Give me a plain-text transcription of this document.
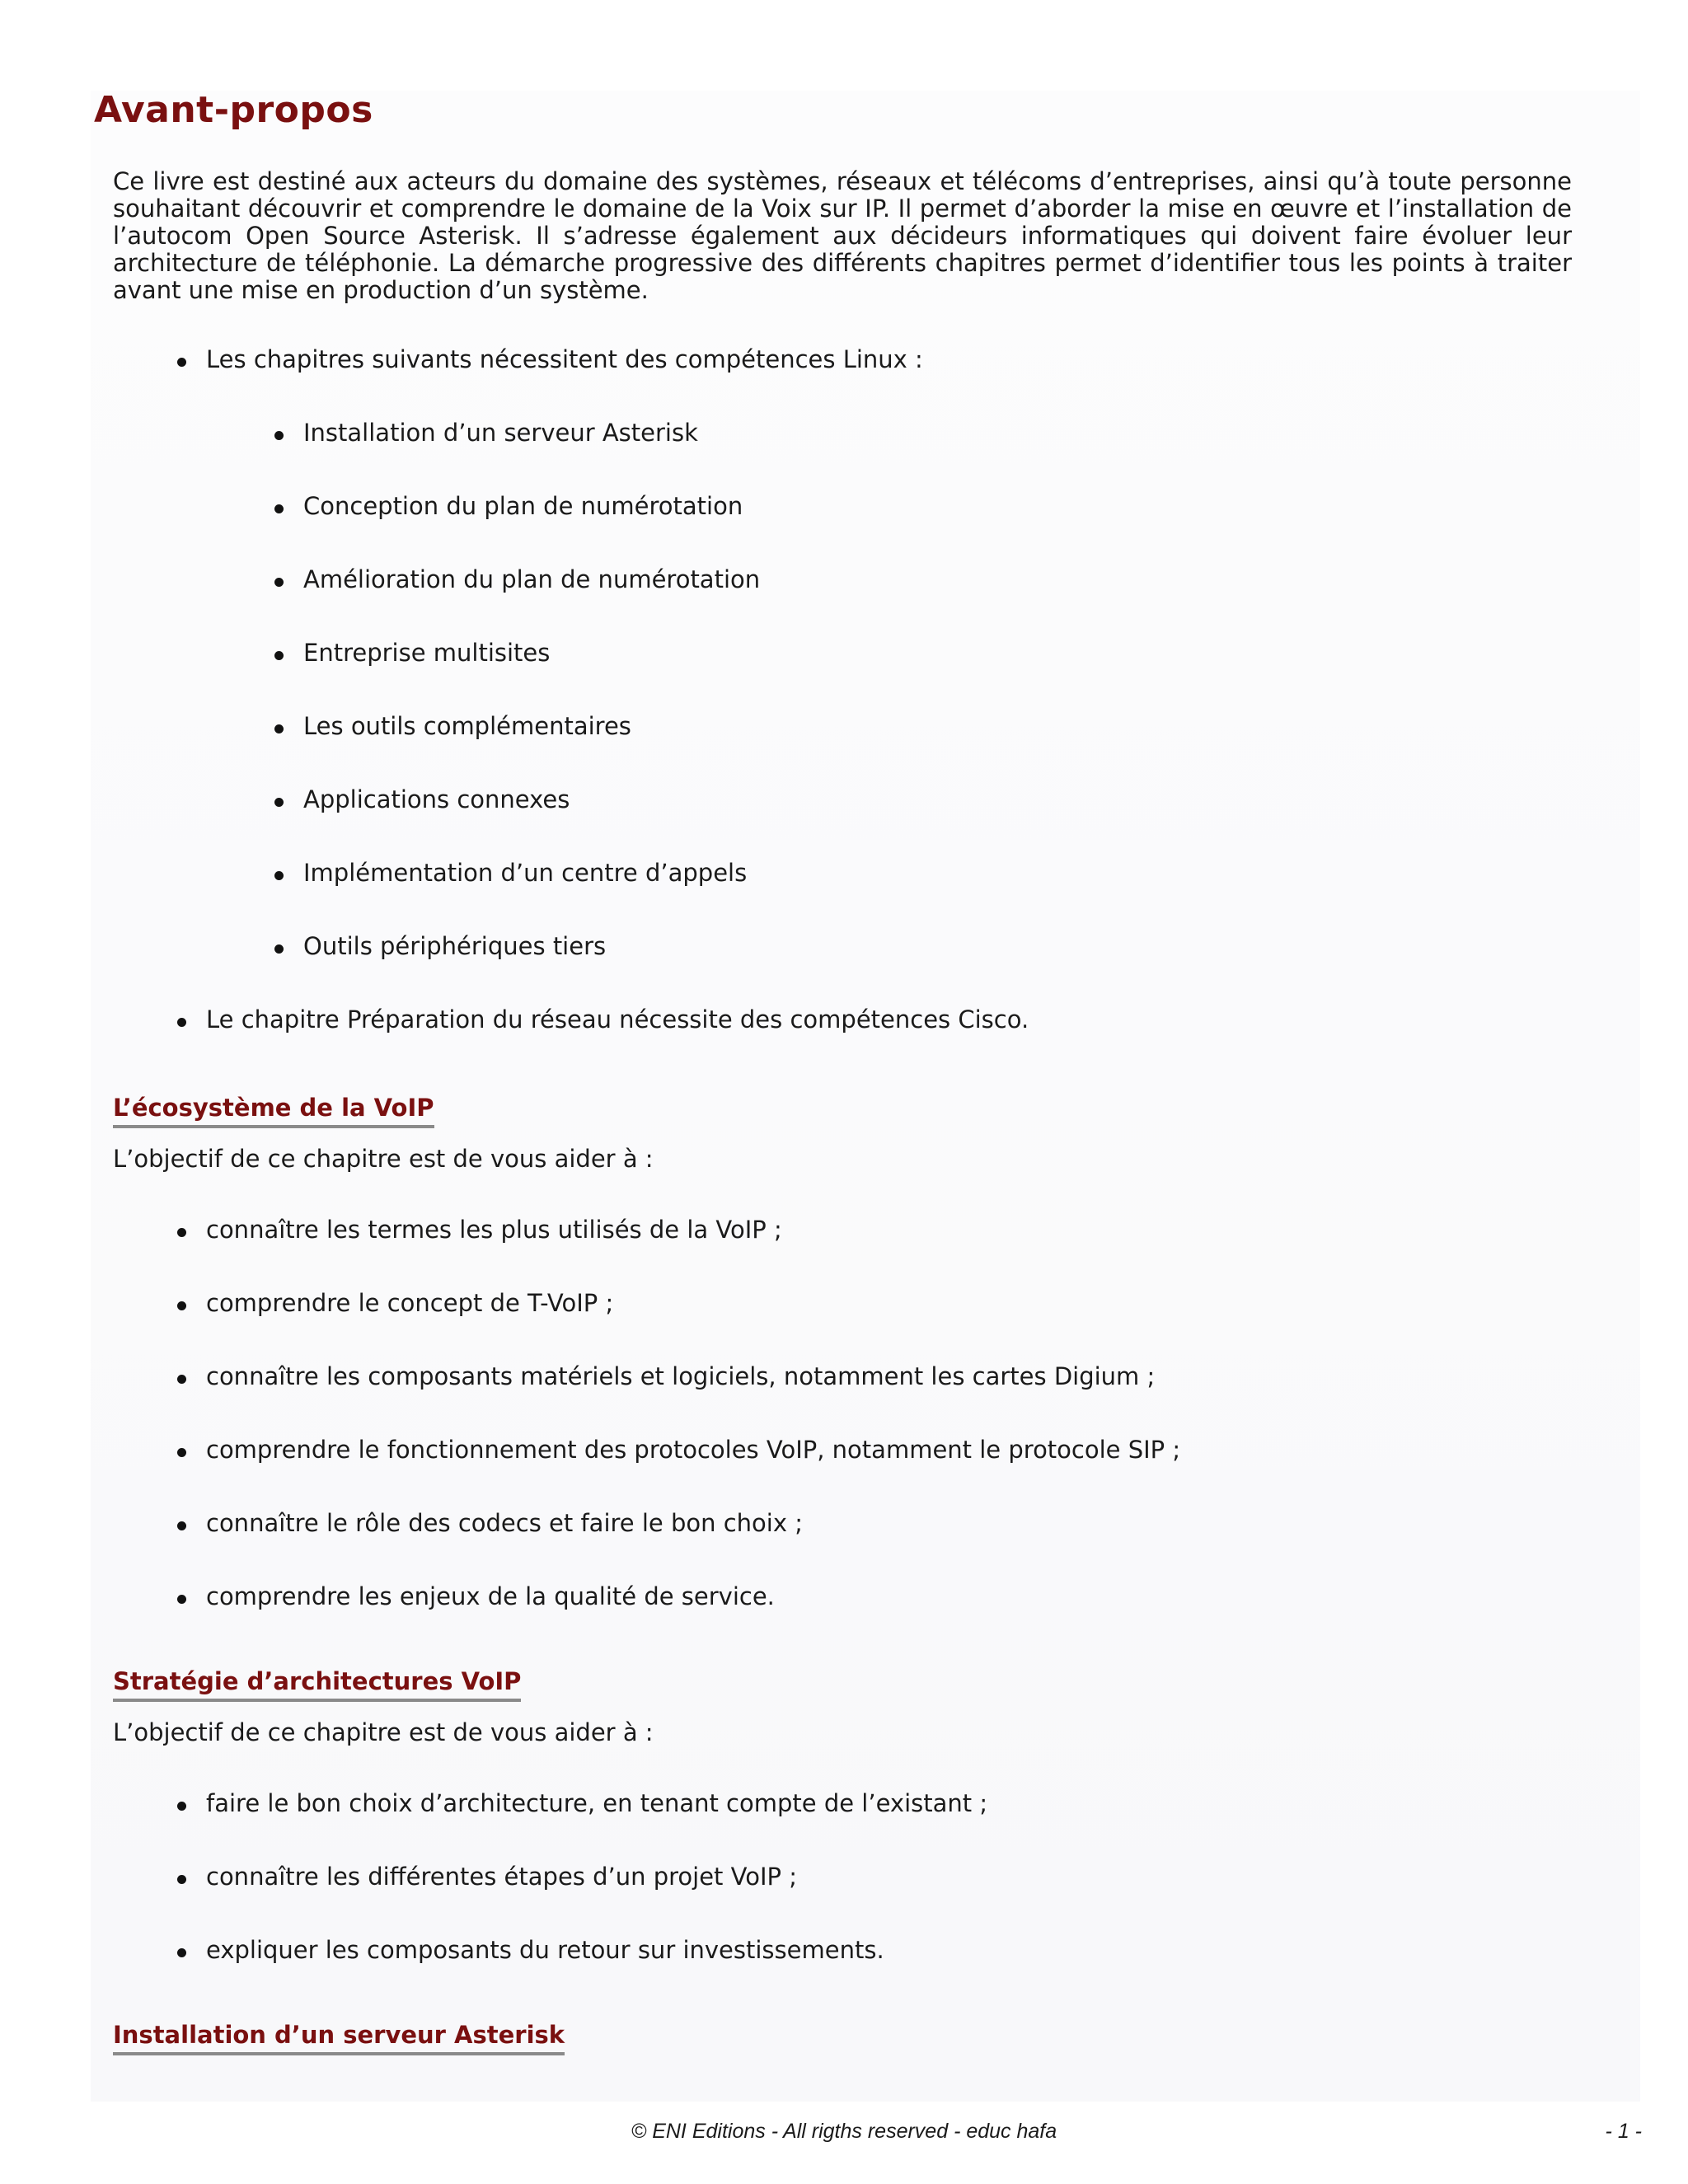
Avant-propos

Ce livre est destiné aux acteurs du domaine des systèmes, réseaux et télécoms d’entreprises, ainsi qu’à toute personne souhaitant découvrir et comprendre le domaine de la Voix sur IP. Il permet d’aborder la mise en œuvre et l’installation de l’autocom Open Source Asterisk. Il s’adresse également aux décideurs informatiques qui doivent faire évoluer leur architecture de téléphonie. La démarche progressive des différents chapitres permet d’identifier tous les points à traiter avant une mise en production d’un système.

Les chapitres suivants nécessitent des compétences Linux :
Installation d’un serveur Asterisk
Conception du plan de numérotation
Amélioration du plan de numérotation
Entreprise multisites
Les outils complémentaires
Applications connexes
Implémentation d’un centre d’appels
Outils périphériques tiers
Le chapitre Préparation du réseau nécessite des compétences Cisco.
L’écosystème de la VoIP
L’objectif de ce chapitre est de vous aider à :
connaître les termes les plus utilisés de la VoIP ;
comprendre le concept de T-VoIP ;
connaître les composants matériels et logiciels, notamment les cartes Digium ;
comprendre le fonctionnement des protocoles VoIP, notamment le protocole SIP ;
connaître le rôle des codecs et faire le bon choix ;
comprendre les enjeux de la qualité de service.
Stratégie d’architectures VoIP
L’objectif de ce chapitre est de vous aider à :
faire le bon choix d’architecture, en tenant compte de l’existant ;
connaître les différentes étapes d’un projet VoIP ;
expliquer les composants du retour sur investissements.
Installation d’un serveur Asterisk
© ENI Editions - All rigths reserved - educ hafa	- 1 -
